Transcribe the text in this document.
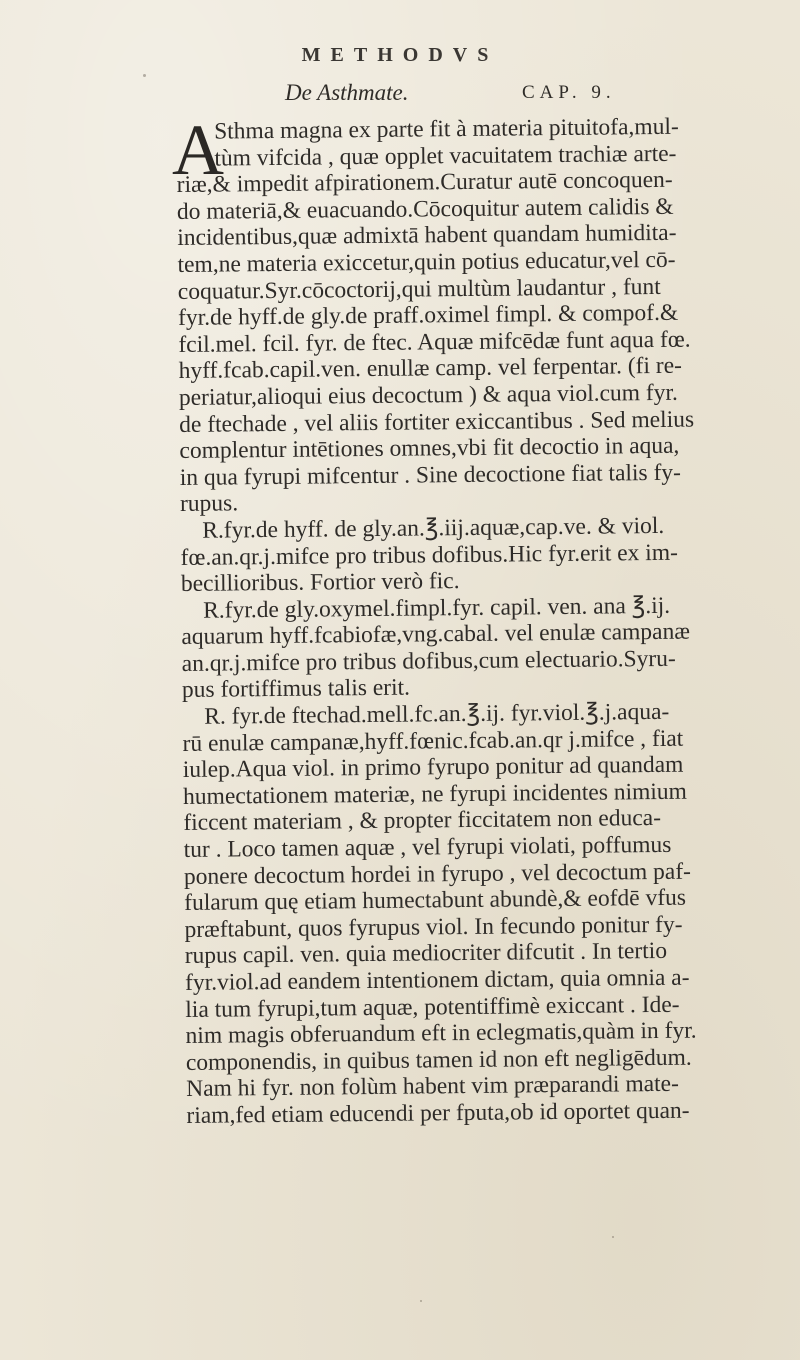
METHODVS
De Asthmate.	CAP. 9.
A
Sthma magna ex parte fit à materia pituitofa,mul-
tùm vifcida , quæ opplet vacuitatem trachiæ arte-
riæ,& impedit afpirationem.Curatur autē concoquen-
do materiā,& euacuando.Cōcoquitur autem calidis &
incidentibus,quæ admixtā habent quandam humidita-
tem,ne materia exiccetur,quin potius educatur,vel cō-
coquatur.Syr.cōcoctorij,qui multùm laudantur , funt
fyr.de hyff.de gly.de praff.oximel fimpl. & compof.&
fcil.mel. fcil. fyr. de ftec. Aquæ mifcēdæ funt aqua fœ.
hyff.fcab.capil.ven. enullæ camp. vel ferpentar. (fi re-
periatur,alioqui eius decoctum ) & aqua viol.cum fyr.
de ftechade , vel aliis fortiter exiccantibus . Sed melius
complentur intētiones omnes,vbi fit decoctio in aqua,
in qua fyrupi mifcentur . Sine decoctione fiat talis fy-
rupus.
R.fyr.de hyff. de gly.an.℥.iij.aquæ,cap.ve. & viol.
fœ.an.qr.j.mifce pro tribus dofibus.Hic fyr.erit ex im-
becillioribus. Fortior verò fic.
R.fyr.de gly.oxymel.fimpl.fyr. capil. ven. ana ℥.ij.
aquarum hyff.fcabiofæ,vng.cabal. vel enulæ campanæ
an.qr.j.mifce pro tribus dofibus,cum electuario.Syru-
pus fortiffimus talis erit.
R. fyr.de ftechad.mell.fc.an.℥.ij. fyr.viol.℥.j.aqua-
rū enulæ campanæ,hyff.fœnic.fcab.an.qr j.mifce , fiat
iulep.Aqua viol. in primo fyrupo ponitur ad quandam
humectationem materiæ, ne fyrupi incidentes nimium
ficcent materiam , & propter ficcitatem non educa-
tur . Loco tamen aquæ , vel fyrupi violati, poffumus
ponere decoctum hordei in fyrupo , vel decoctum paf-
fularum quę etiam humectabunt abundè,& eofdē vfus
præftabunt, quos fyrupus viol. In fecundo ponitur fy-
rupus capil. ven. quia mediocriter difcutit . In tertio
fyr.viol.ad eandem intentionem dictam, quia omnia a-
lia tum fyrupi,tum aquæ, potentiffimè exiccant . Ide-
nim magis obferuandum eft in eclegmatis,quàm in fyr.
componendis, in quibus tamen id non eft negligēdum.
Nam hi fyr. non folùm habent vim præparandi mate-
riam,fed etiam educendi per fputa,ob id oportet quan-
